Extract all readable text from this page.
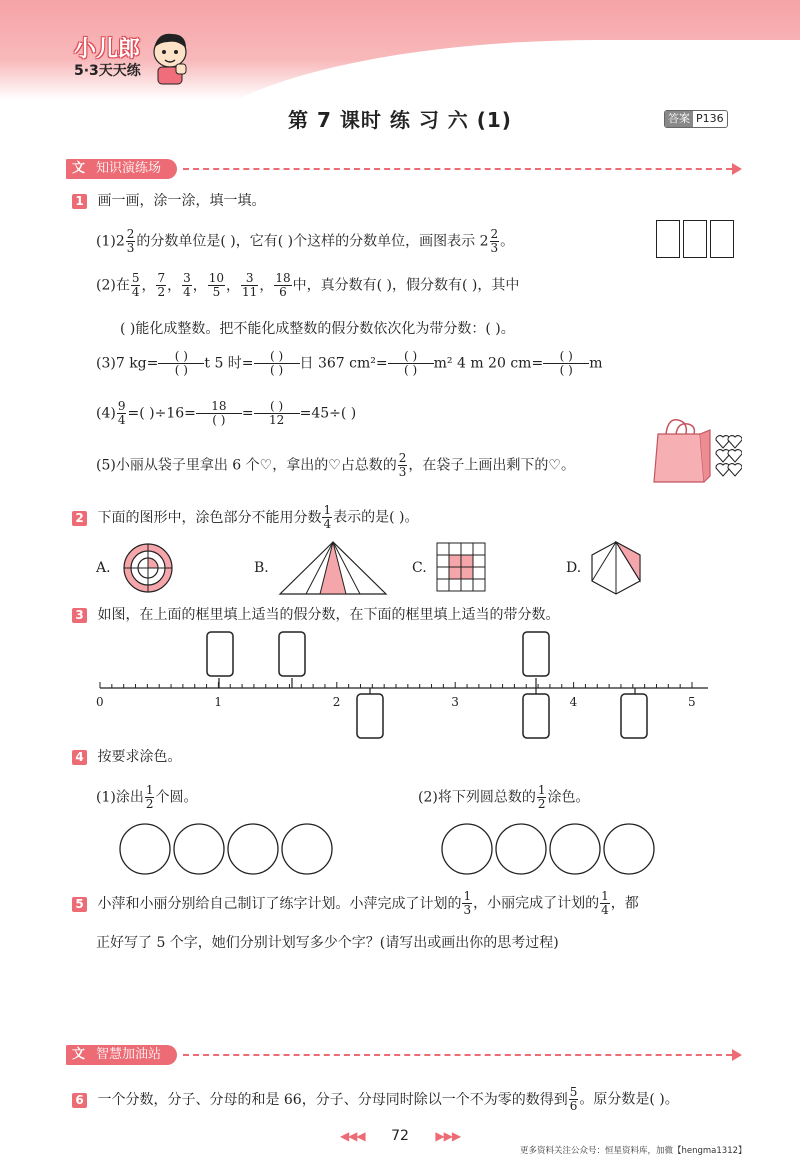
小儿郎
5·3天天练
第 7 课时 练 习 六 (1)	答案 P136
文 知识演练场
1 画一画，涂一涂，填一填。
$(1)2 \frac{2}{3}$ 的分数单位是( )，它有( )个这样的分数单位，画图表示 $2 \frac{2}{3}$ 。
(2)在 $\frac{5}{4}$ ， $\frac{7}{2}$ ， $\frac{3}{4}$ ， $\frac{10}{5}$ ， $\frac{3}{11}$ ， $\frac{18}{6}$ 中，真分数有( )，假分数有( )，其中
( )能化成整数。把不能化成整数的假分数依次化为带分数：( )。
(3)7 kg=	( )
( ) t 5 时=	( )
( ) 日 367 cm²=	( )
( ) m² 4 m 20 cm=	( )
( ) m
$(4) \frac{9}{4}$ =( )÷16=	18
( ) =	( )
12 =45÷( )
(5)小丽从袋子里拿出 6 个♡，拿出的♡占总数的 $\frac{2}{3}$ ，在袋子上画出剩下的♡。
2 下面的图形中，涂色部分不能用分数 $\frac{1}{4}$ 表示的是( )。
A.	B.	C.	D.
3 如图，在上面的框里填上适当的假分数，在下面的框里填上适当的带分数。
0	1	2	3	4	5
4 按要求涂色。
(1)涂出 $\frac{1}{2}$ 个圆。	(2)将下列圆总数的 $\frac{1}{2}$ 涂色。
5 小萍和小丽分别给自己制订了练字计划。小萍完成了计划的 $\frac{1}{3}$ ，小丽完成了计划的 $\frac{1}{4}$ ，都
正好写了 5 个字，她们分别计划写多少个字？(请写出或画出你的思考过程)
文 智慧加油站
6 一个分数，分子、分母的和是 66，分子、分母同时除以一个不为零的数得到 $\frac{5}{6}$ 。原分数是( )。
◀◀◀ 72 ▶▶▶
更多资料关注公众号：恒星资料库，加微【hengma1312】
